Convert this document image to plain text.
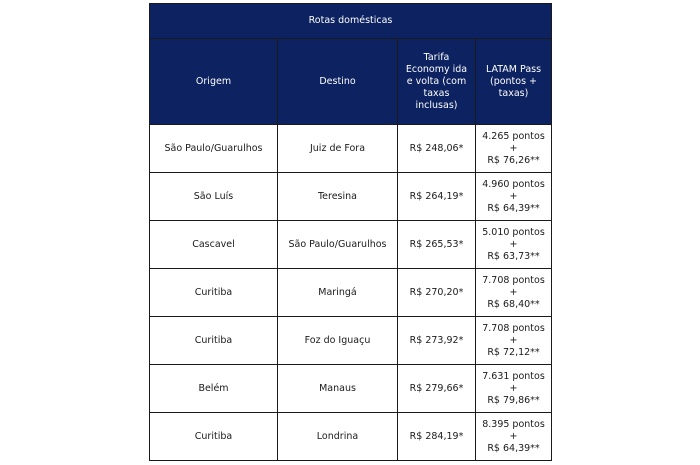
Rotas domésticas			
Origem	Destino	Tarifa Economy ida e volta (com taxas inclusas)	LATAM Pass (pontos + taxas)
São Paulo/Guarulhos	Juiz de Fora	R$ 248,06*	4.265 pontos +
R$ 76,26**
São Luís	Teresina	R$ 264,19*	4.960 pontos +
R$ 64,39**
Cascavel	São Paulo/Guarulhos	R$ 265,53*	5.010 pontos +
R$ 63,73**
Curitiba	Maringá	R$ 270,20*	7.708 pontos +
R$ 68,40**
Curitiba	Foz do Iguaçu	R$ 273,92*	7.708 pontos +
R$ 72,12**
Belém	Manaus	R$ 279,66*	7.631 pontos +
R$ 79,86**
Curitiba	Londrina	R$ 284,19*	8.395 pontos +
R$ 64,39**
